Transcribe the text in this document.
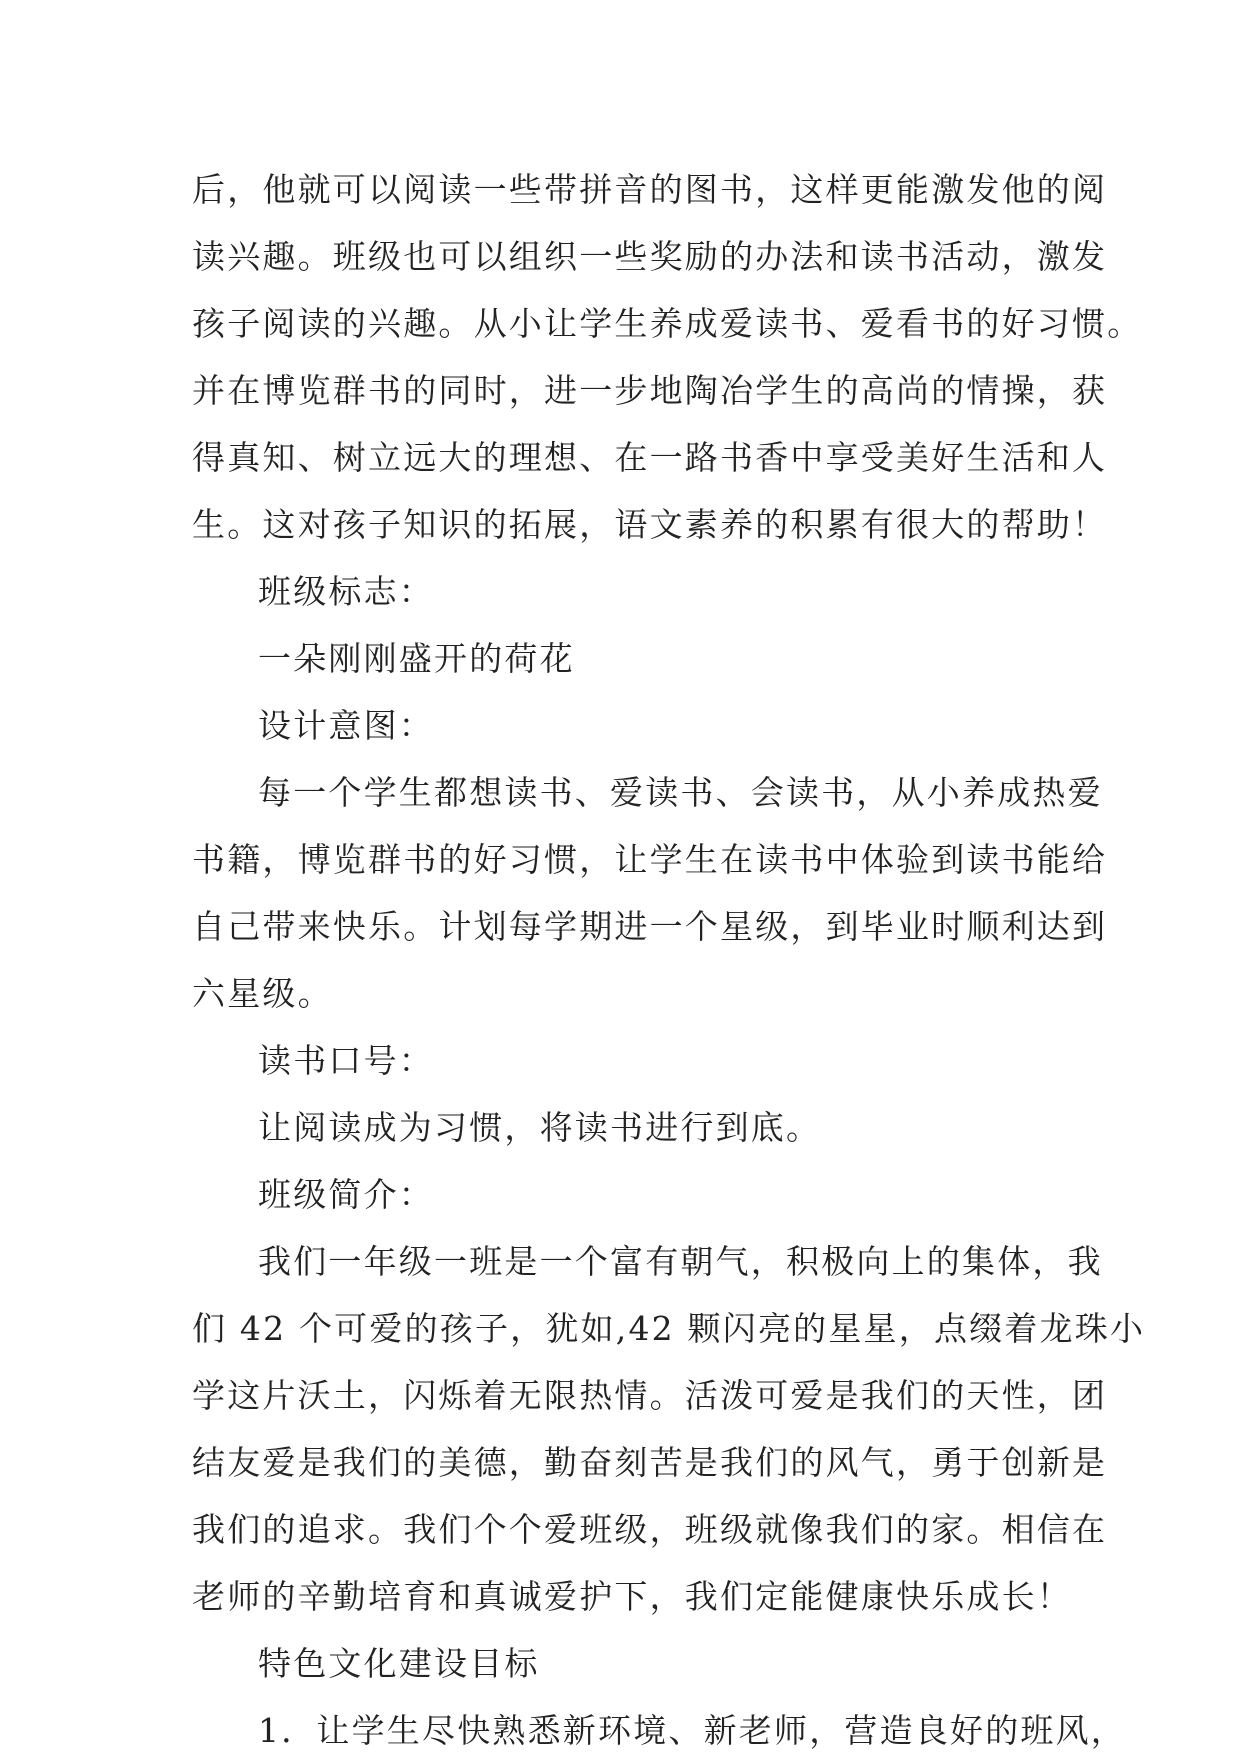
后，他就可以阅读一些带拼音的图书，这样更能激发他的阅
读兴趣。班级也可以组织一些奖励的办法和读书活动，激发
孩子阅读的兴趣。从小让学生养成爱读书、爱看书的好习惯。
并在博览群书的同时，进一步地陶冶学生的高尚的情操，获
得真知、树立远大的理想、在一路书香中享受美好生活和人
生。这对孩子知识的拓展，语文素养的积累有很大的帮助！
班级标志：
一朵刚刚盛开的荷花
设计意图：
每一个学生都想读书、爱读书、会读书，从小养成热爱
书籍，博览群书的好习惯，让学生在读书中体验到读书能给
自己带来快乐。计划每学期进一个星级，到毕业时顺利达到
六星级。
读书口号：
让阅读成为习惯，将读书进行到底。
班级简介：
我们一年级一班是一个富有朝气，积极向上的集体，我
们 42 个可爱的孩子，犹如,42 颗闪亮的星星，点缀着龙珠小
学这片沃土，闪烁着无限热情。活泼可爱是我们的天性，团
结友爱是我们的美德，勤奋刻苦是我们的风气，勇于创新是
我们的追求。我们个个爱班级，班级就像我们的家。相信在
老师的辛勤培育和真诚爱护下，我们定能健康快乐成长！
特色文化建设目标
1．让学生尽快熟悉新环境、新老师，营造良好的班风，
